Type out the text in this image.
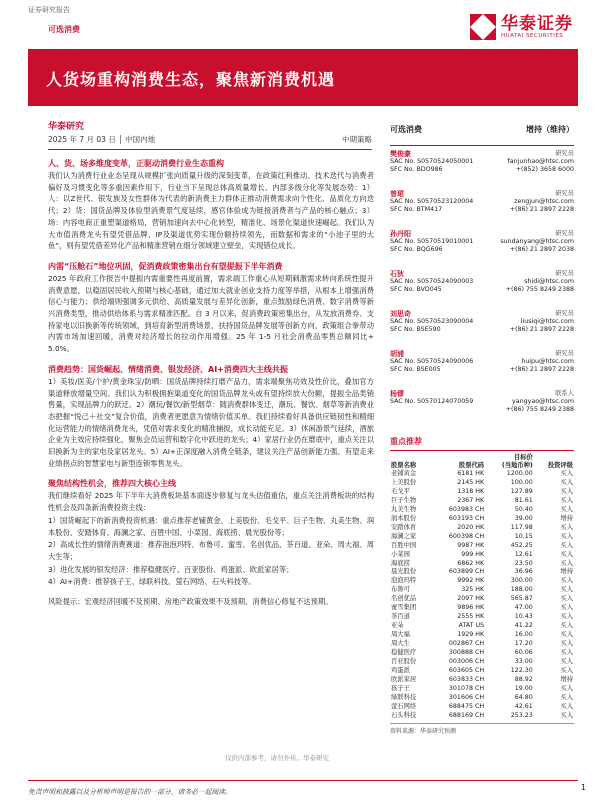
证券研究报告
可选消费	华泰证券
HUATAI SECURITIES
人货场重构消费生态，聚焦新消费机遇
华泰研究
2025 年 7 月 03 日 │ 中国内地	中期策略
人、货、场多维度变革，正驱动消费行业生态重构

我们认为消费行业业态呈现从规模扩张向质量升级的深刻变革，在政策红利推动、技术迭代与消费者偏好及习惯变化等多重因素作用下，行业当下呈现总体高质量增长、内部多级分化等发展态势：1）人：以Z世代、银发族及女性群体为代表的新消费主力群体正推动消费需求向个性化、品质化方向迭代；2）货：国货品牌及体验型消费景气度延续，感官体验成为链接消费者与产品的核心触点；3）场：内容电商正重塑渠道格局，营销加速向去中心化转型，精准化、场景化渠道快速崛起。我们认为大市值消费龙头有望凭借品牌、IP及渠道优势实现份额持续领先，而数据和需求的“小池子里的大鱼”，则有望凭借差异化产品和精准营销在细分领域建立壁垒，实现错位成长。

内需“压舱石”地位巩固，促消费政策密集出台有望提振下半年消费

2025 年政府工作报告中提振内需重要性再度前置，需求端工作重心从短期刺激需求转向系统性提升消费意愿，以稳固居民收入预期与核心基础，通过加大就业创业支持力度等举措，从根本上增强消费信心与能力；供给端则强调多元供给、高质量发展与差异化创新，重点鼓励绿色消费、数字消费等新兴消费类型，推动供给体系与需求精准匹配。自 3 月以来，促消费政策密集出台，从发放消费券、支持家电以旧换新等传统领域，到培育新型消费场景、扶持国货品牌发展等创新方向，政策组合拳带动内需市场加速回暖，消费对经济增长的拉动作用增强。25 年 1-5 月社会消费品零售总额同比+ 5.0%。

消费趋势：国货崛起、情绪消费、银发经济、AI+消费四大主线共振

1）美妆/医美/个护/黄金珠宝/防晒：国货品牌持续打磨产品力，需求端聚焦功效及性价比，叠加官方渠道释放增量空间。我们认为积极拥抱渠道变化的国货品牌龙头或有望持续放大份额，提振全品类销售量，实现品牌力的跃迁。2）潮玩/餐饮/新型烟草：随消费群体变迁，潮玩、餐饮、烟草等新消费业态把握“悦己＋社交”复合价值，消费者更愿意为情绪价值买单。我们持续看好具备供应链韧性和精细化运营能力的情绪消费龙头，凭借对需求变化的精准捕捉，成长动能充足。3）休闲游景气延续，酒旅企业为主效应持续强化，聚焦会员运营和数字化中跃进的龙头；4）家居行业仍在磨底中，重点关注以旧换新为主的家电及家居龙头。5）AI+正深度融入消费全链条，建议关注产品创新能力强、有望走来业绩拐点的智慧家电与新型连锁零售龙头。

聚焦结构性机会，推荐四大核心主线

我们继续看好 2025 年下半年大消费板块基本面逐步修复与龙头估值重估，重点关注消费板块的结构性机会及四条新消费投资主线：

1）国货崛起下的新消费投资机遇：重点推荐老铺黄金、上美股份、毛戈平、巨子生物、丸美生物、润本股份、安踏体育、海澜之家、百胜中国、小菜园、海底捞、晨光股份等；

2）高成长性的情绪消费赛道：推荐泡泡玛特、布鲁可、蜜雪、名创优品、茶百道、亚朵、周大福、周大生等；

3）进化发展的银发经济：推荐稳健医疗、百亚股份、鸡蛋派、欧派家居等；

4）AI+消费：推荐孩子王、绿联科技、萤石网络、石头科技等。

风险提示：宏观经济回暖不及预期、房地产政策效果不及预期、消费信心修复不达预期。

可选消费	增持（维持）
樊俊豪	研究员
SAC No. S0570524050001
SFC No. BDO986
fanjunhao@htsc.com
+(852) 3658 6000
曾珺	研究员
SAC No. S0570523120004
SFC No. BTM417
zengjun@htsc.com
+(86) 21 2897 2228
孙丹阳	研究员
SAC No. S0570519010001
SFC No. BQG696
sundanyang@htsc.com
+(86) 21 2897 2038
石狄	研究员
SAC No. S0570524090003
SFC No. BVO045
shidi@htsc.com
+(86) 755 8249 2388
刘思奇	研究员
SAC No. S0570523090004
SFC No. BSE590
liusiqi@htsc.com
+(86) 21 2897 2228
胡浦	研究员
SAC No. S0570524090006
SFC No. BSE005
huipu@htsc.com
+(86) 21 2897 2228
杨镠	联系人
SAC No. S0570124070059	yangyao@htsc.com
+(86) 755 8249 2388
重点推荐
		目标价	
股票名称	股票代码	(当地币种)	投资评级
老铺黄金	6181 HK	1200.00	买入
上美股份	2145 HK	100.00	买入
毛戈平	1318 HK	127.89	买入
巨子生物	2367 HK	81.61	买入
丸美生物	603983 CH	50.40	买入
润本股份	603193 CH	39.00	增持
安踏体育	2020 HK	117.98	买入
海澜之家	600398 CH	10.15	买入
百胜中国	9987 HK	452.25	买入
小菜园	999 HK	12.61	买入
海底捞	6862 HK	23.50	买入
晨光股份	603899 CH	36.96	增持
泡泡玛特	9992 HK	300.00	买入
布鲁可	325 HK	188.00	买入
名创优品	2097 HK	565.87	买入
蜜雪集团	9896 HK	47.00	买入
茶百道	2555 HK	10.43	买入
亚朵	ATAT US	41.22	买入
周大福	1929 HK	16.00	买入
周大生	002867 CH	17.20	买入
稳健医疗	300888 CH	60.06	买入
百亚股份	003006 CH	33.00	买入
鸡蛋派	603605 CH	122.30	买入
欧派家居	603833 CH	88.92	增持
孩子王	301078 CH	19.00	买入
绿联科技	301606 CH	64.80	买入
萤石网络	688475 CH	42.61	买入
石头科技	688169 CH	253.23	买入
资料来源：华泰研究预测
仅供内部参考，请勿外传。华泰研究
免责声明和披露以及分析师声明是报告的一部分，请务必一起阅读。	1
